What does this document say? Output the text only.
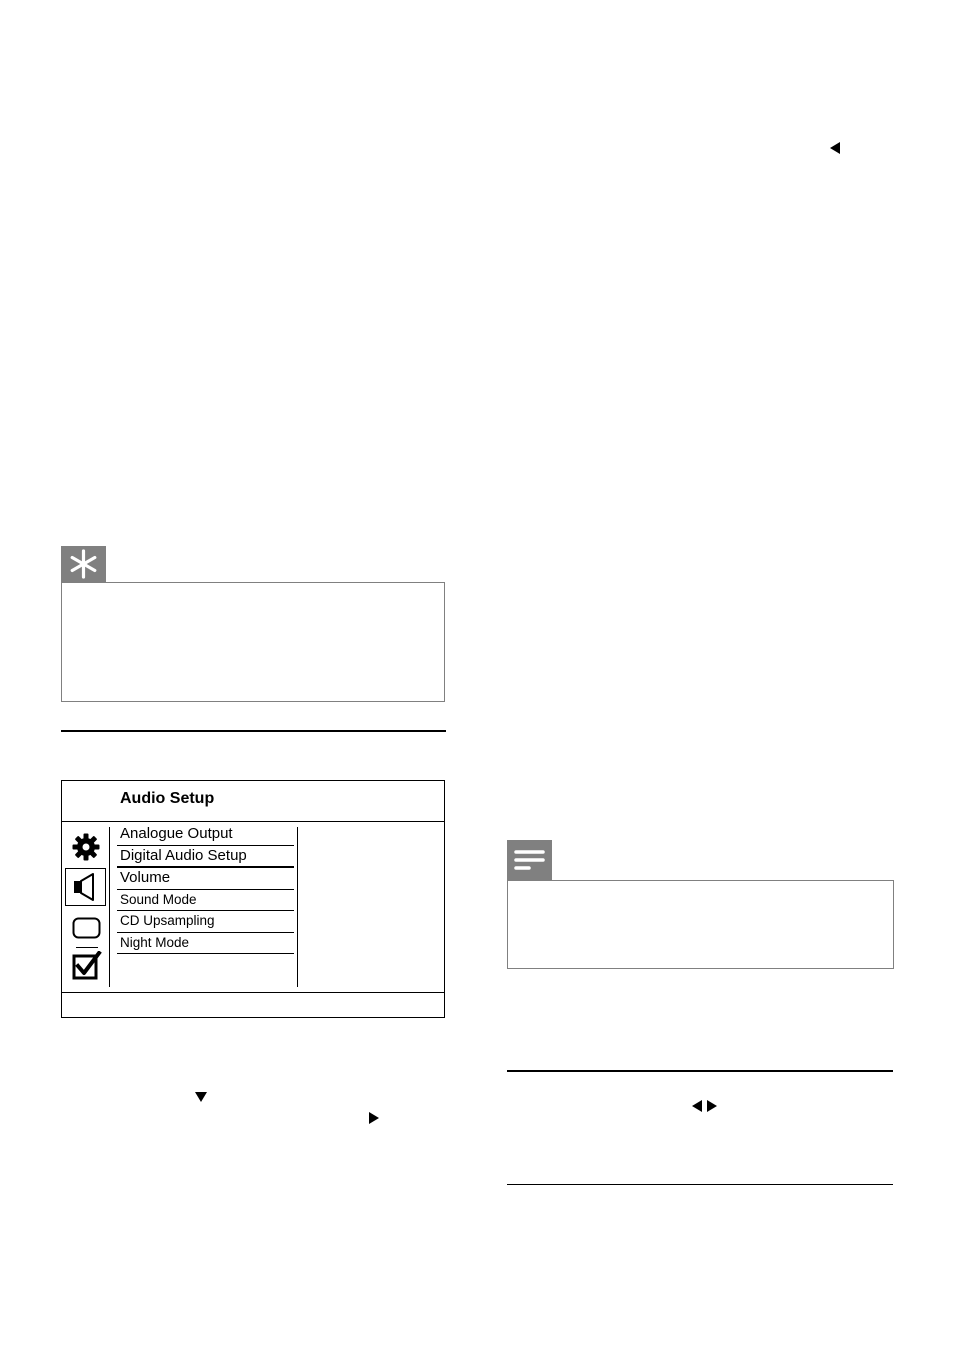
Audio Setup
Analogue Output
Digital Audio Setup
Volume
Sound Mode
CD Upsampling
Night Mode
